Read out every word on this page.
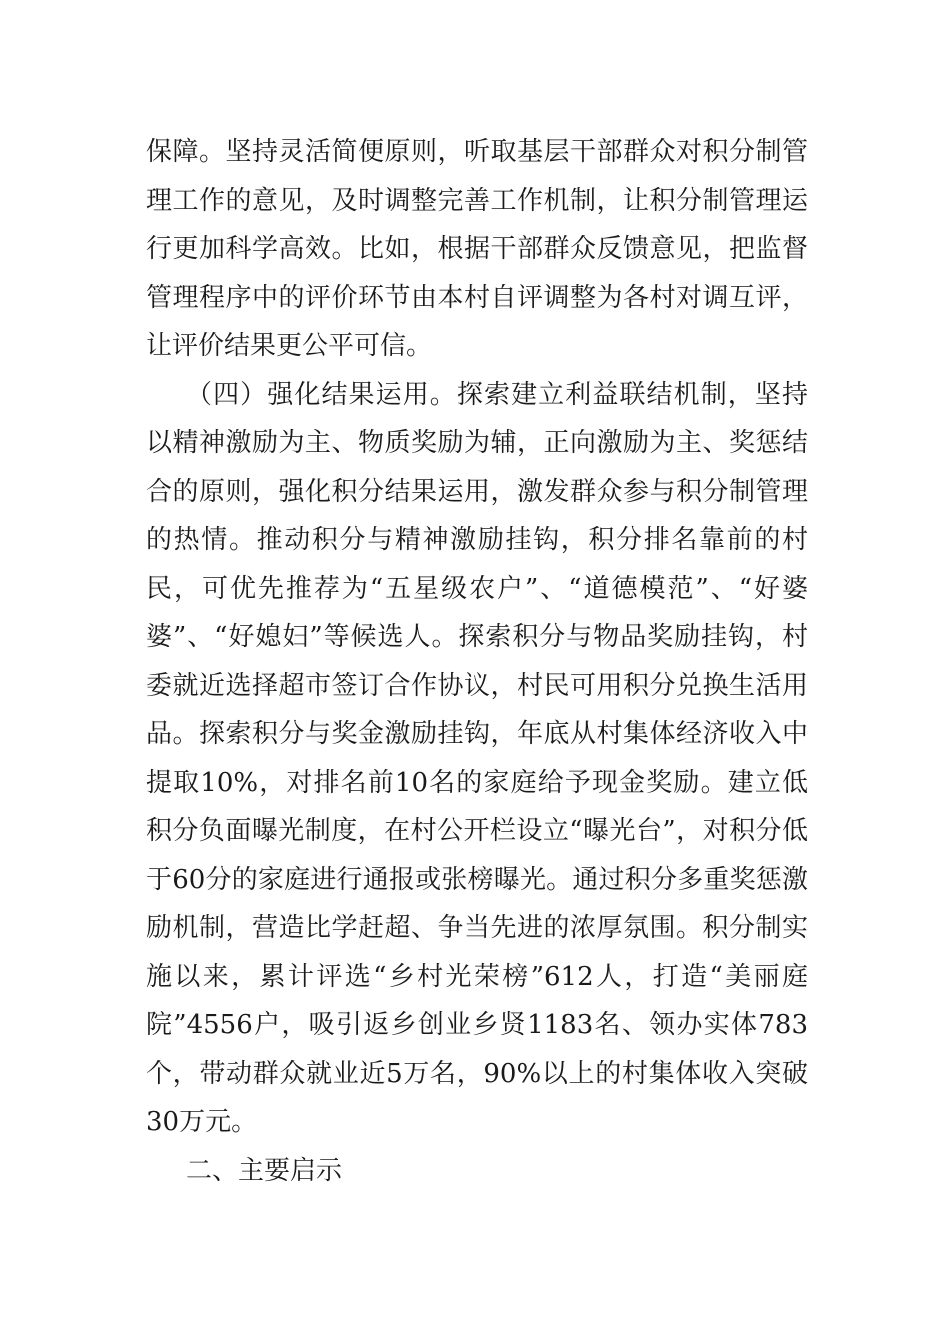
保障。坚持灵活简便原则，听取基层干部群众对积分制管理工作的意见，及时调整完善工作机制，让积分制管理运行更加科学高效。比如，根据干部群众反馈意见，把监督管理程序中的评价环节由本村自评调整为各村对调互评，让评价结果更公平可信。

（四）强化结果运用。探索建立利益联结机制，坚持以精神激励为主、物质奖励为辅，正向激励为主、奖惩结合的原则，强化积分结果运用，激发群众参与积分制管理的热情。推动积分与精神激励挂钩，积分排名靠前的村民，可优先推荐为“五星级农户”、“道德模范”、“好婆婆”、“好媳妇”等候选人。探索积分与物品奖励挂钩，村委就近选择超市签订合作协议，村民可用积分兑换生活用品。探索积分与奖金激励挂钩，年底从村集体经济收入中提取10%，对排名前10名的家庭给予现金奖励。建立低积分负面曝光制度，在村公开栏设立“曝光台”，对积分低于60分的家庭进行通报或张榜曝光。通过积分多重奖惩激励机制，营造比学赶超、争当先进的浓厚氛围。积分制实施以来，累计评选“乡村光荣榜”612人，打造“美丽庭院”4556户，吸引返乡创业乡贤1183名、领办实体783个，带动群众就业近5万名，90%以上的村集体收入突破30万元。

二、主要启示
